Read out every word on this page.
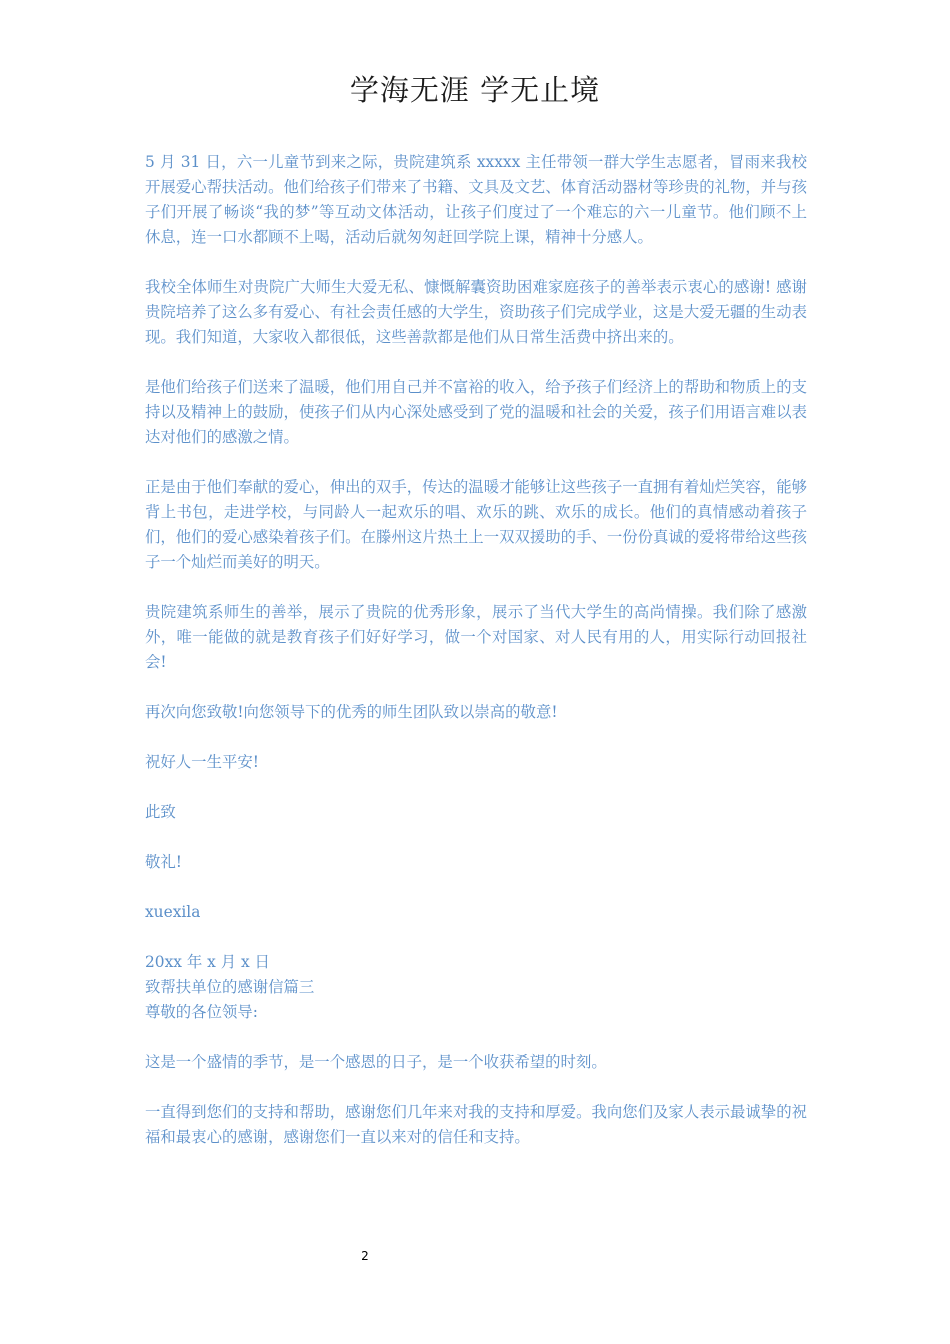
学海无涯 学无止境

5 月 31 日，六一儿童节到来之际，贵院建筑系 xxxxx 主任带领一群大学生志愿者，冒雨来我校开展爱心帮扶活动。他们给孩子们带来了书籍、文具及文艺、体育活动器材等珍贵的礼物，并与孩子们开展了畅谈“我的梦”等互动文体活动，让孩子们度过了一个难忘的六一儿童节。他们顾不上休息，连一口水都顾不上喝，活动后就匆匆赶回学院上课，精神十分感人。

我校全体师生对贵院广大师生大爱无私、慷慨解囊资助困难家庭孩子的善举表示衷心的感谢! 感谢贵院培养了这么多有爱心、有社会责任感的大学生，资助孩子们完成学业，这是大爱无疆的生动表现。我们知道，大家收入都很低，这些善款都是他们从日常生活费中挤出来的。

是他们给孩子们送来了温暖，他们用自己并不富裕的收入，给予孩子们经济上的帮助和物质上的支持以及精神上的鼓励，使孩子们从内心深处感受到了党的温暖和社会的关爱，孩子们用语言难以表达对他们的感激之情。

正是由于他们奉献的爱心，伸出的双手，传达的温暖才能够让这些孩子一直拥有着灿烂笑容，能够背上书包，走进学校，与同龄人一起欢乐的唱、欢乐的跳、欢乐的成长。他们的真情感动着孩子们，他们的爱心感染着孩子们。在滕州这片热土上一双双援助的手、一份份真诚的爱将带给这些孩子一个灿烂而美好的明天。

贵院建筑系师生的善举，展示了贵院的优秀形象，展示了当代大学生的高尚情操。我们除了感激外，唯一能做的就是教育孩子们好好学习，做一个对国家、对人民有用的人，用实际行动回报社会!

再次向您致敬!向您领导下的优秀的师生团队致以崇高的敬意!

祝好人一生平安!

此致

敬礼!

xuexila

20xx 年 x 月 x 日

致帮扶单位的感谢信篇三

尊敬的各位领导:

这是一个盛情的季节，是一个感恩的日子，是一个收获希望的时刻。

一直得到您们的支持和帮助，感谢您们几年来对我的支持和厚爱。我向您们及家人表示最诚挚的祝福和最衷心的感谢，感谢您们一直以来对的信任和支持。

2
